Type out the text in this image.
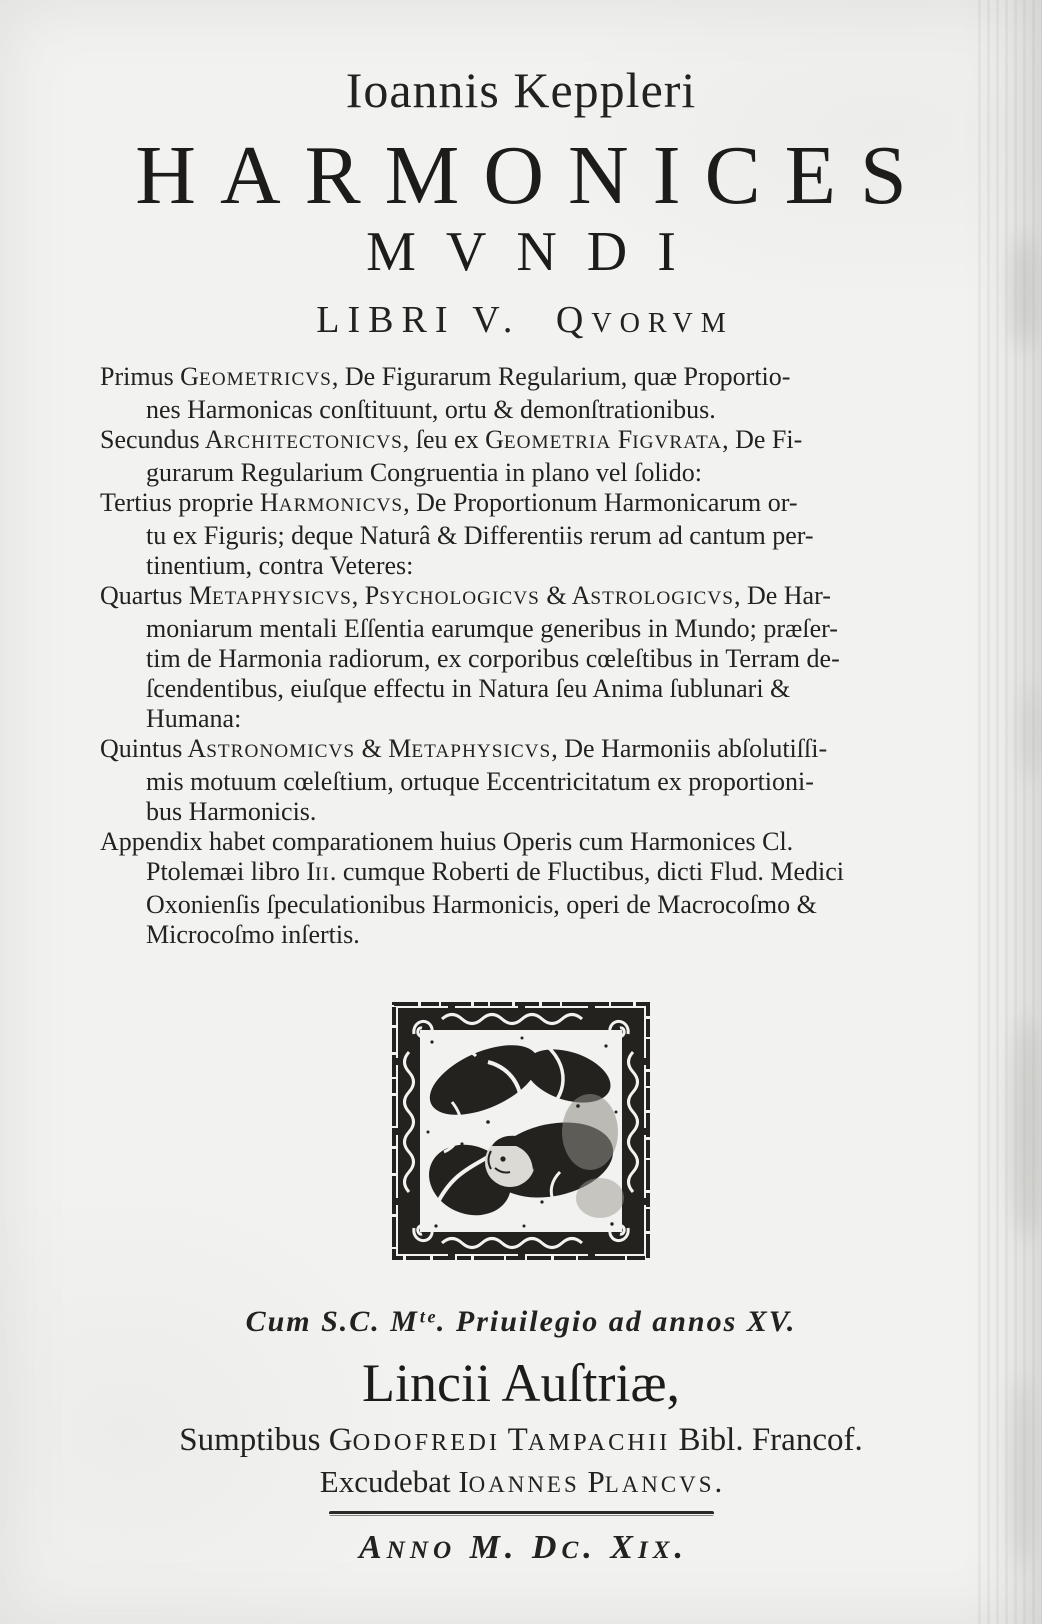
Ioannis Keppleri
HARMONICES
MVNDI
LIBRI V. QVORVM
Primus GEOMETRICVS, De Figurarum Regularium, quæ Proportio-
nes Harmonicas conſtituunt, ortu & demonſtrationibus.
Secundus ARCHITECTONICVS, ſeu ex GEOMETRIA FIGVRATA, De Fi-
gurarum Regularium Congruentia in plano vel ſolido:
Tertius proprie HARMONICVS, De Proportionum Harmonicarum or-
tu ex Figuris; deque Naturâ & Differentiis rerum ad cantum per-
tinentium, contra Veteres:
Quartus METAPHYSICVS, PSYCHOLOGICVS & ASTROLOGICVS, De Har-
moniarum mentali Eſſentia earumque generibus in Mundo; præſer-
tim de Harmonia radiorum, ex corporibus cœleſtibus in Terram de-
ſcendentibus, eiuſque effectu in Natura ſeu Anima ſublunari &
Humana:
Quintus ASTRONOMICVS & METAPHYSICVS, De Harmoniis abſolutiſſi-
mis motuum cœleſtium, ortuque Eccentricitatum ex proportioni-
bus Harmonicis.
Appendix habet comparationem huius Operis cum Harmonices Cl.
Ptolemæi libro III. cumque Roberti de Fluctibus, dicti Flud. Medici
Oxonienſis ſpeculationibus Harmonicis, operi de Macrocoſmo &
Microcoſmo inſertis.
Cum S.C. Mᵗᵉ. Priuilegio ad annos XV.
Lincii Auſtriæ,
Sumptibus GODOFREDI TAMPACHII Bibl. Francof.
Excudebat IOANNES PLANCVS.
ANNO M. DC. XIX.
